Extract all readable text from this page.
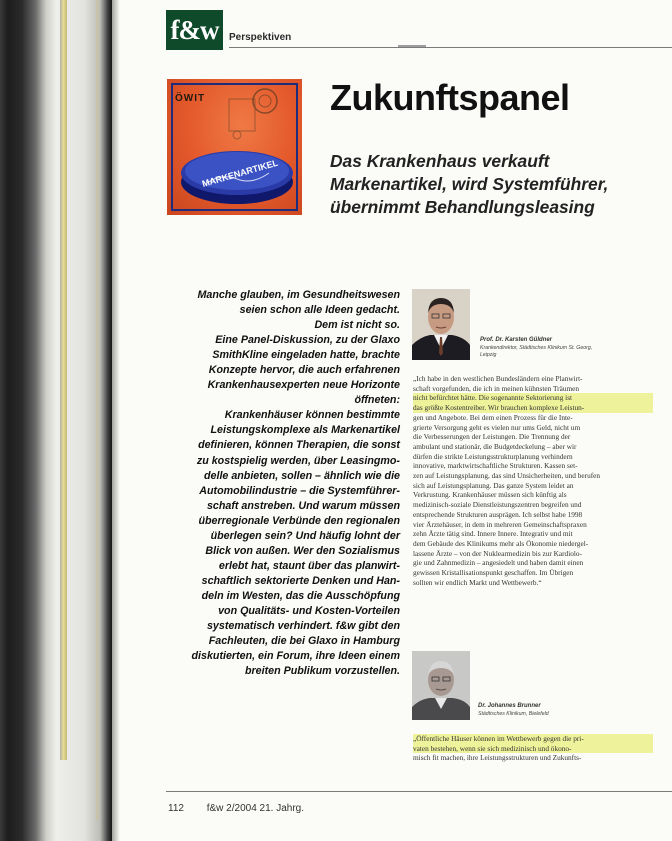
f&w	Perspektiven
ÖWIT
MARKENARTIKEL
Zukunftspanel
Das Krankenhaus verkauft
Markenartikel, wird Systemführer,
übernimmt Behandlungsleasing

Manche glauben, im Gesundheitswesen

seien schon alle Ideen gedacht.

Dem ist nicht so.

Eine Panel-Diskussion, zu der Glaxo

SmithKline eingeladen hatte, brachte

Konzepte hervor, die auch erfahrenen

Krankenhausexperten neue Horizonte

öffneten:

Krankenhäuser können bestimmte

Leistungskomplexe als Markenartikel

definieren, können Therapien, die sonst

zu kostspielig werden, über Leasingmo-

delle anbieten, sollen – ähnlich wie die

Automobilindustrie – die Systemführer-

schaft anstreben. Und warum müssen

überregionale Verbünde den regionalen

überlegen sein? Und häufig lohnt der

Blick von außen. Wer den Sozialismus

erlebt hat, staunt über das planwirt-

schaftlich sektorierte Denken und Han-

deln im Westen, das die Ausschöpfung

von Qualitäts- und Kosten-Vorteilen

systematisch verhindert. f&w gibt den

Fachleuten, die bei Glaxo in Hamburg

diskutierten, ein Forum, ihre Ideen einem

breiten Publikum vorzustellen.

Prof. Dr. Karsten Güldner
Krankendirektor, Städtisches Klinikum St. Georg,
Leipzig

„Ich habe in den westlichen Bundesländern eine Planwirt-

schaft vorgefunden, die ich in meinen kühnsten Träumen

nicht befürchtet hätte. Die sogenannte Sektorierung ist

das größte Kostentreiber. Wir brauchen komplexe Leistun-

gen und Angebote. Bei dem einen Prozess für die Inte-

grierte Versorgung geht es vielen nur ums Geld, nicht um

die Verbesserungen der Leistungen. Die Trennung der

ambulant und stationär, die Budgetdeckelung – aber wir

dürfen die strikte Leistungsstrukturplanung verhindern

innovative, marktwirtschaftliche Strukturen. Kassen set-

zen auf Leistungsplanung, das sind Unsicherheiten, und berufen

sich auf Leistungsplanung. Das ganze System leidet an

Verkrustung. Krankenhäuser müssen sich künftig als

medizinisch-soziale Dienstleistungszentren begreifen und

entsprechende Strukturen ausprägen. Ich selbst habe 1998

vier Ärztehäuser, in dem in mehreren Gemeinschaftspraxen

zehn Ärzte tätig sind. Innere Innere. Integrativ und mit

dem Gebäude des Klinikums mehr als Ökonomie niedergel-

lassene Ärzte – von der Nuklearmedizin bis zur Kardiolo-

gie und Zahnmedizin – angesiedelt und haben damit einen

gewissen Kristallisationspunkt geschaffen. Im Übrigen

sollten wir endlich Markt und Wettbewerb.“

Dr. Johannes Brunner
Städtisches Klinikum, Bielefeld

„Öffentliche Häuser können im Wettbewerb gegen die pri-

vaten bestehen, wenn sie sich medizinisch und ökono-

misch fit machen, ihre Leistungsstrukturen und Zukunfts-

112 f&w 2/2004 21. Jahrg.
